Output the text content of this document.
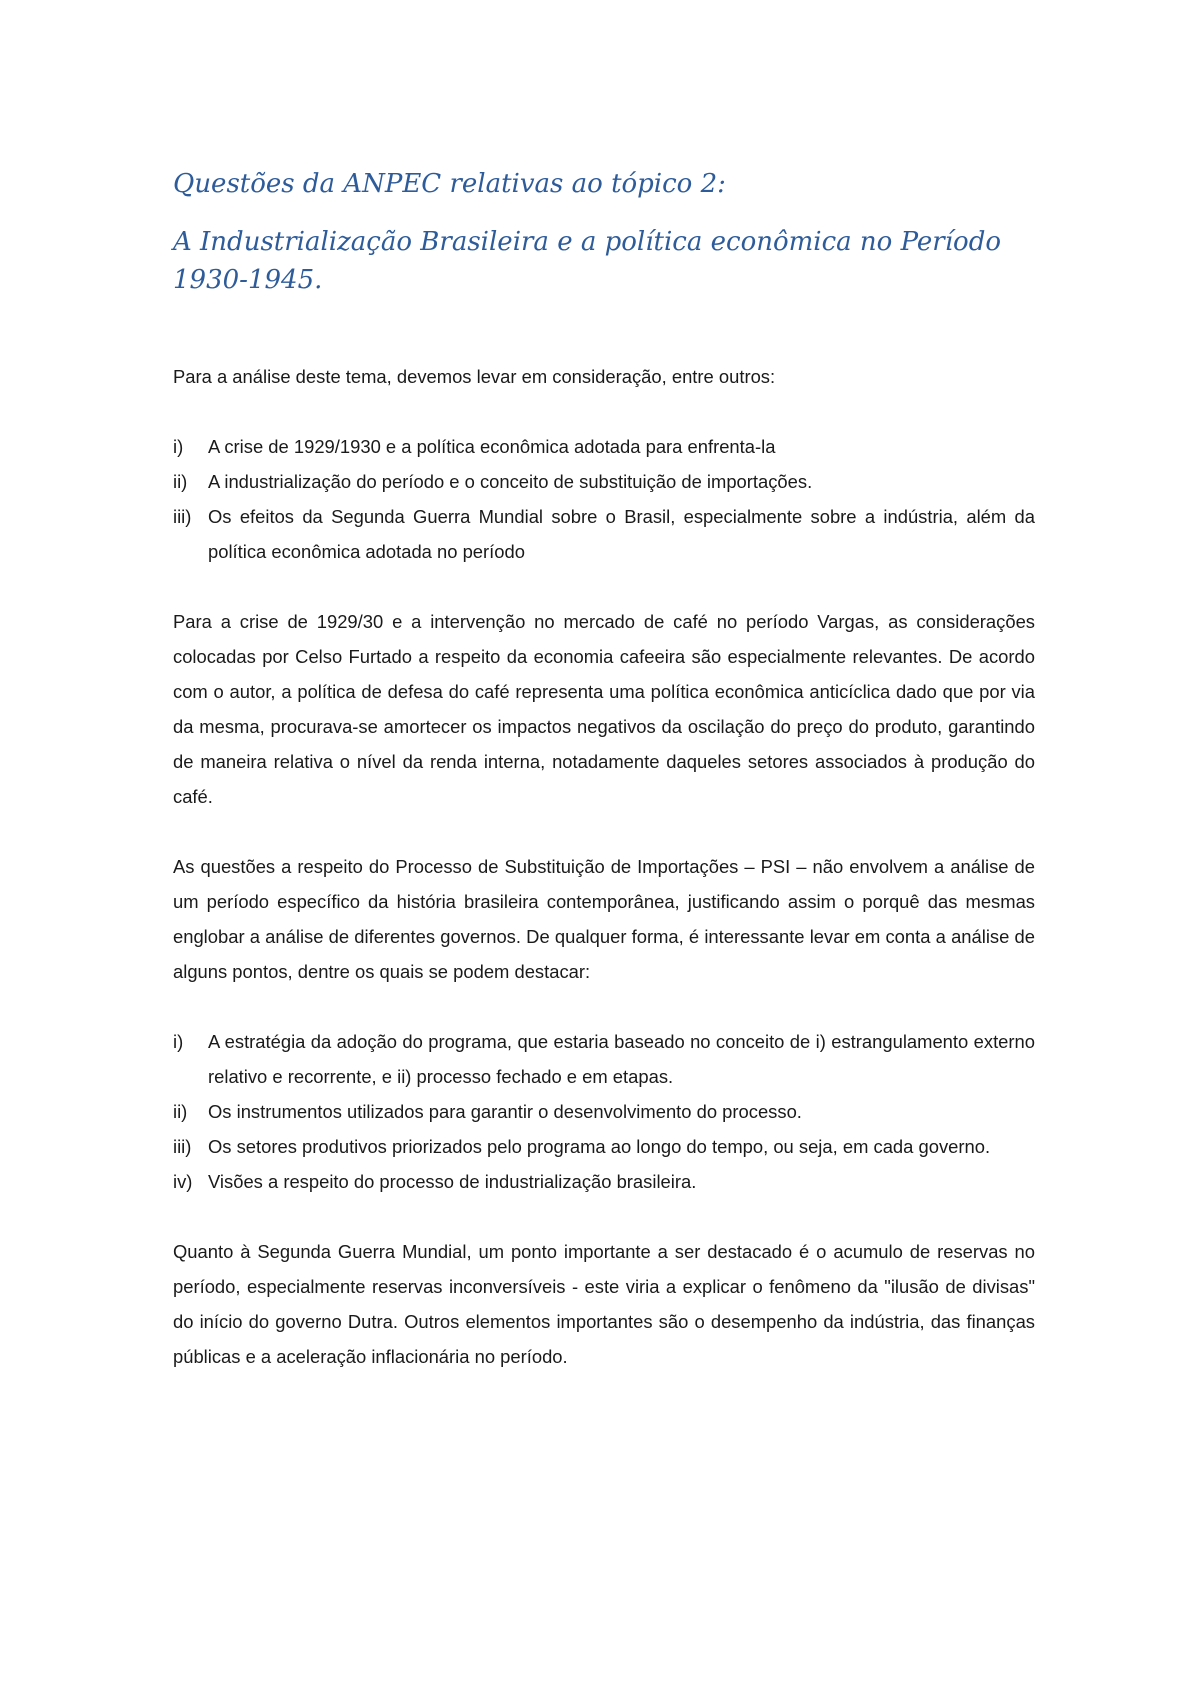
Questões da ANPEC relativas ao tópico 2:
A Industrialização Brasileira e a política econômica no Período 1930-1945.

Para a análise deste tema, devemos levar em consideração, entre outros:

i)	A crise de 1929/1930 e a política econômica adotada para enfrenta-la
ii)	A industrialização do período e o conceito de substituição de importações.
iii) Os efeitos da Segunda Guerra Mundial sobre o Brasil, especialmente sobre a indústria, além da política econômica adotada no período

Para a crise de 1929/30 e a intervenção no mercado de café no período Vargas, as considerações colocadas por Celso Furtado a respeito da economia cafeeira são especialmente relevantes. De acordo com o autor, a política de defesa do café representa uma política econômica anticíclica dado que por via da mesma, procurava-se amortecer os impactos negativos da oscilação do preço do produto, garantindo de maneira relativa o nível da renda interna, notadamente daqueles setores associados à produção do café.

As questões a respeito do Processo de Substituição de Importações – PSI – não envolvem a análise de um período específico da história brasileira contemporânea, justificando assim o porquê das mesmas englobar a análise de diferentes governos. De qualquer forma, é interessante levar em conta a análise de alguns pontos, dentre os quais se podem destacar:

i)	A estratégia da adoção do programa, que estaria baseado no conceito de i) estrangulamento externo relativo e recorrente, e ii) processo fechado e em etapas.
ii)	Os instrumentos utilizados para garantir o desenvolvimento do processo.
iii) Os setores produtivos priorizados pelo programa ao longo do tempo, ou seja, em cada governo.
iv) Visões a respeito do processo de industrialização brasileira.

Quanto à Segunda Guerra Mundial, um ponto importante a ser destacado é o acumulo de reservas no período, especialmente reservas inconversíveis - este viria a explicar o fenômeno da "ilusão de divisas" do início do governo Dutra. Outros elementos importantes são o desempenho da indústria, das finanças públicas e a aceleração inflacionária no período.
